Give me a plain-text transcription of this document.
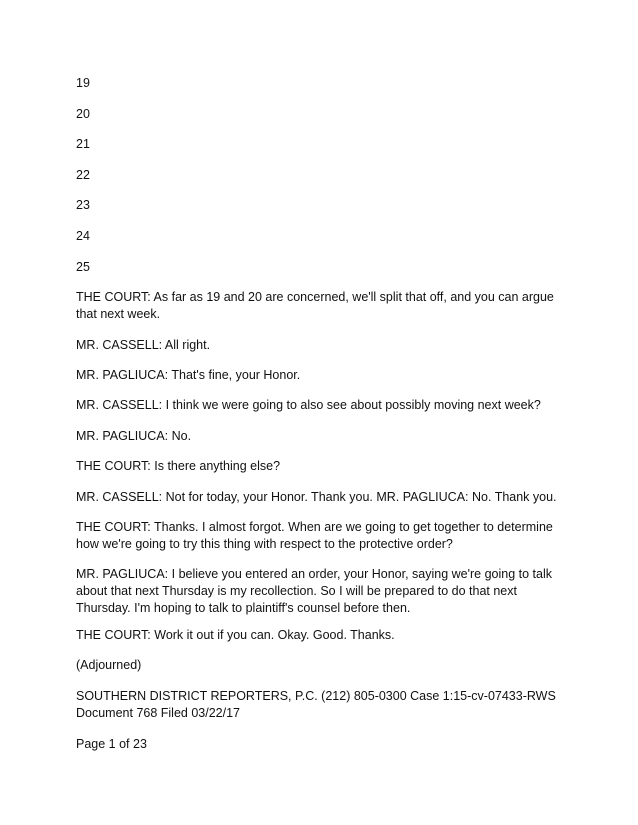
19

20

21

22

23

24

25

THE COURT: As far as 19 and 20 are concerned, we'll split that off, and you can argue that next week.

MR. CASSELL: All right.

MR. PAGLIUCA: That's fine, your Honor.

MR. CASSELL: I think we were going to also see about possibly moving next week?

MR. PAGLIUCA: No.

THE COURT: Is there anything else?

MR. CASSELL: Not for today, your Honor. Thank you. MR. PAGLIUCA: No. Thank you.

THE COURT: Thanks. I almost forgot. When are we going to get together to determine how we're going to try this thing with respect to the protective order?

MR. PAGLIUCA: I believe you entered an order, your Honor, saying we're going to talk about that next Thursday is my recollection. So I will be prepared to do that next Thursday. I'm hoping to talk to plaintiff's counsel before then.

THE COURT: Work it out if you can. Okay. Good. Thanks.

(Adjourned)

SOUTHERN DISTRICT REPORTERS, P.C. (212) 805-0300 Case 1:15-cv-07433-RWS Document 768 Filed 03/22/17

Page 1 of 23
